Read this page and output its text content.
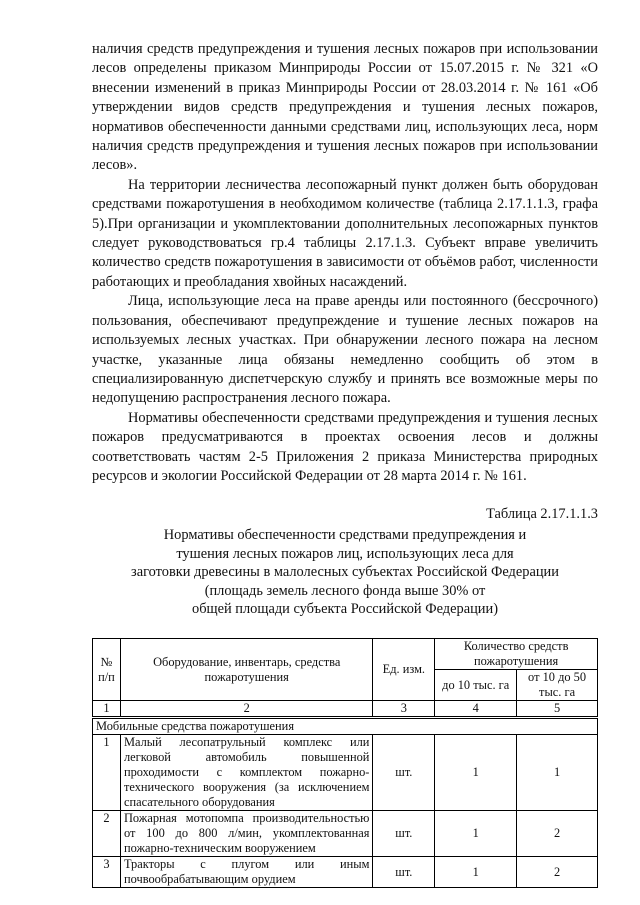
наличия средств предупреждения и тушения лесных пожаров при использовании лесов определены приказом Минприроды России от 15.07.2015 г. № 321 «О внесении изменений в приказ Минприроды России от 28.03.2014 г. № 161 «Об утверждении видов средств предупреждения и тушения лесных пожаров, нормативов обеспеченности данными средствами лиц, использующих леса, норм наличия средств предупреждения и тушения лесных пожаров при использовании лесов».

На территории лесничества лесопожарный пункт должен быть оборудован средствами пожаротушения в необходимом количестве (таблица 2.17.1.1.3, графа 5).При организации и укомплектовании дополнительных лесопожарных пунктов следует руководствоваться гр.4 таблицы 2.17.1.3. Субъект вправе увеличить количество средств пожаротушения в зависимости от объёмов работ, численности работающих и преобладания хвойных насаждений.

Лица, использующие леса на праве аренды или постоянного (бессрочного) пользования, обеспечивают предупреждение и тушение лесных пожаров на используемых лесных участках. При обнаружении лесного пожара на лесном участке, указанные лица обязаны немедленно сообщить об этом в специализированную диспетчерскую службу и принять все возможные меры по недопущению распространения лесного пожара.

Нормативы обеспеченности средствами предупреждения и тушения лесных пожаров предусматриваются в проектах освоения лесов и должны соответствовать частям 2-5 Приложения 2 приказа Министерства природных ресурсов и экологии Российской Федерации от 28 марта 2014 г. № 161.

Таблица 2.17.1.1.3
Нормативы обеспеченности средствами предупреждения и
тушения лесных пожаров лиц, использующих леса для
заготовки древесины в малолесных субъектах Российской Федерации
(площадь земель лесного фонда выше 30% от
общей площади субъекта Российской Федерации)
№ п/п	Оборудование, инвентарь, средства пожаротушения	Ед. изм.	Количество средств пожаротушения	
			до 10 тыс. га	от 10 до 50 тыс. га
1	2	3	4	5
Мобильные средства пожаротушения				
1	Малый лесопатрульный комплекс или легковой автомобиль повышенной проходимости с комплектом пожарно-технического вооружения (за исключением спасательного оборудования	шт.	1	1
2	Пожарная мотопомпа производительностью от 100 до 800 л/мин, укомплектованная пожарно-техническим вооружением	шт.	1	2
3	Тракторы с плугом или иным почвообрабатывающим орудием	шт.	1	2
